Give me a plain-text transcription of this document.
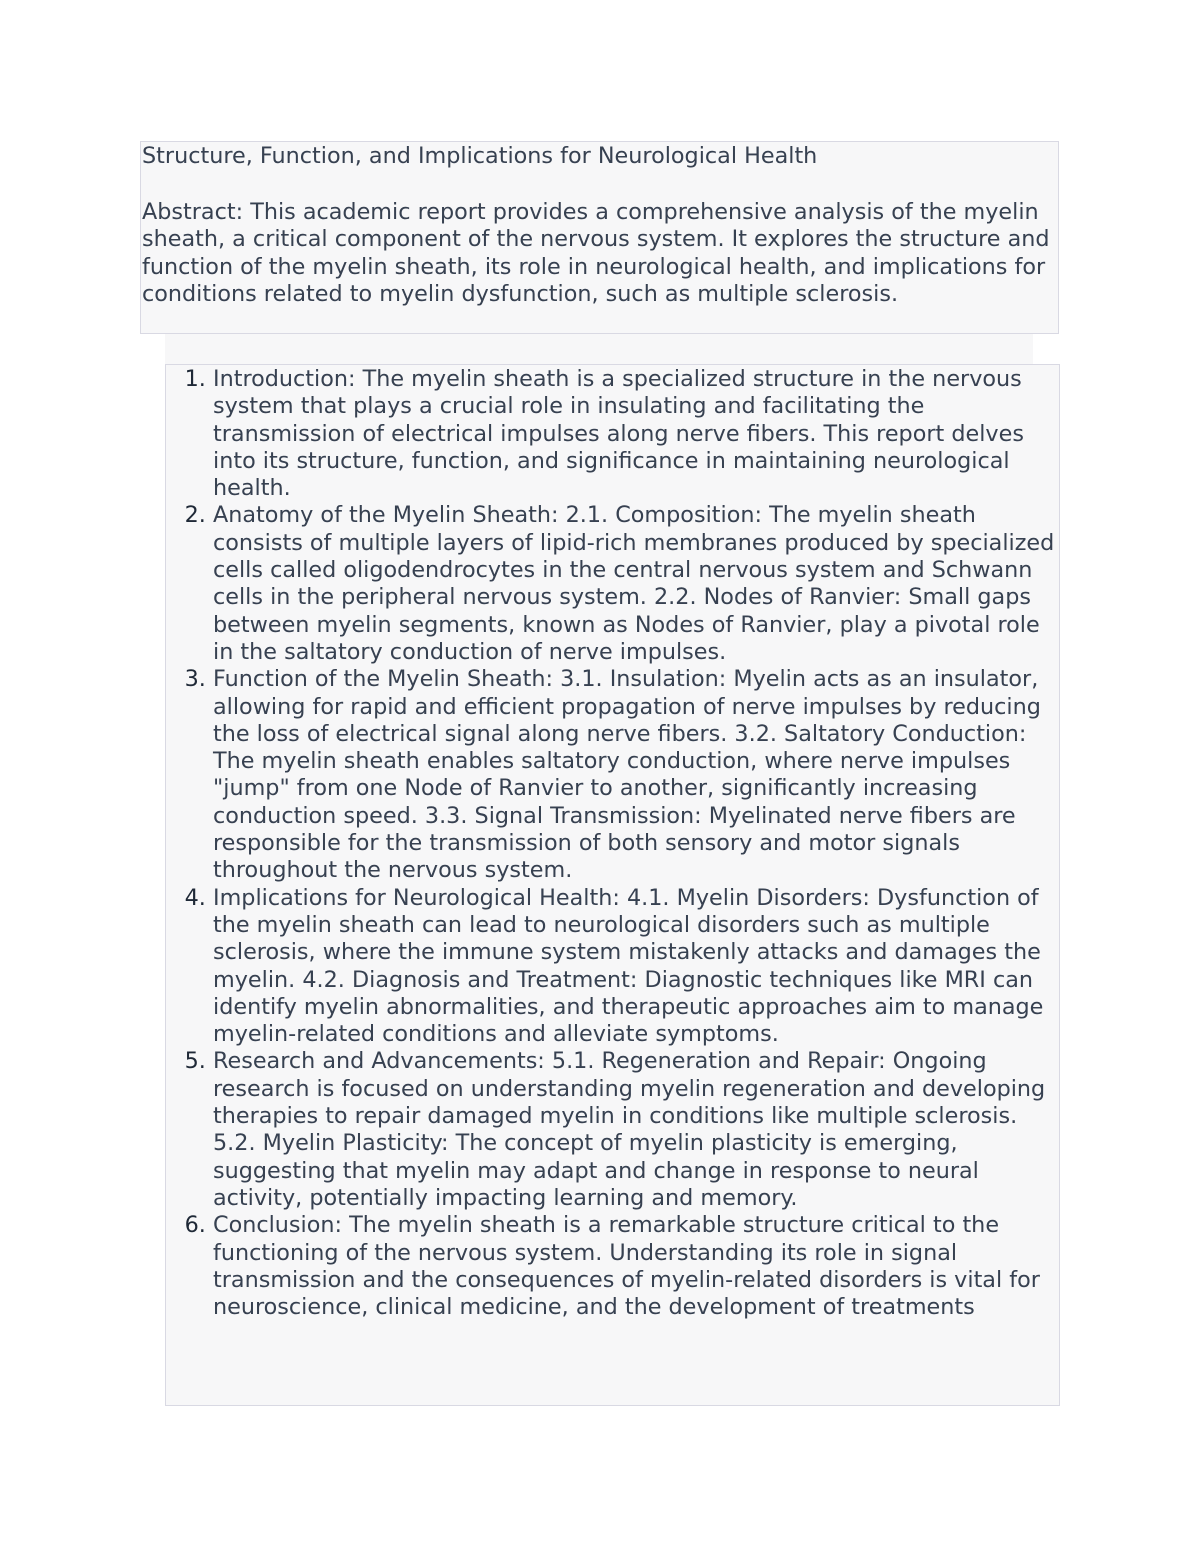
Structure, Function, and Implications for Neurological Health

Abstract: This academic report provides a comprehensive analysis of the myelin sheath, a critical component of the nervous system. It explores the structure and function of the myelin sheath, its role in neurological health, and implications for conditions related to myelin dysfunction, such as multiple sclerosis.

1. Introduction: The myelin sheath is a specialized structure in the nervous system that plays a crucial role in insulating and facilitating the transmission of electrical impulses along nerve fibers. This report delves into its structure, function, and significance in maintaining neurological health.
2. Anatomy of the Myelin Sheath: 2.1. Composition: The myelin sheath consists of multiple layers of lipid-rich membranes produced by specialized cells called oligodendrocytes in the central nervous system and Schwann cells in the peripheral nervous system. 2.2. Nodes of Ranvier: Small gaps between myelin segments, known as Nodes of Ranvier, play a pivotal role in the saltatory conduction of nerve impulses.
3. Function of the Myelin Sheath: 3.1. Insulation: Myelin acts as an insulator, allowing for rapid and efficient propagation of nerve impulses by reducing the loss of electrical signal along nerve fibers. 3.2. Saltatory Conduction: The myelin sheath enables saltatory conduction, where nerve impulses "jump" from one Node of Ranvier to another, significantly increasing conduction speed. 3.3. Signal Transmission: Myelinated nerve fibers are responsible for the transmission of both sensory and motor signals throughout the nervous system.
4. Implications for Neurological Health: 4.1. Myelin Disorders: Dysfunction of the myelin sheath can lead to neurological disorders such as multiple sclerosis, where the immune system mistakenly attacks and damages the myelin. 4.2. Diagnosis and Treatment: Diagnostic techniques like MRI can identify myelin abnormalities, and therapeutic approaches aim to manage myelin-related conditions and alleviate symptoms.
5. Research and Advancements: 5.1. Regeneration and Repair: Ongoing research is focused on understanding myelin regeneration and developing therapies to repair damaged myelin in conditions like multiple sclerosis. 5.2. Myelin Plasticity: The concept of myelin plasticity is emerging, suggesting that myelin may adapt and change in response to neural activity, potentially impacting learning and memory.
6. Conclusion: The myelin sheath is a remarkable structure critical to the functioning of the nervous system. Understanding its role in signal transmission and the consequences of myelin-related disorders is vital for neuroscience, clinical medicine, and the development of treatments
